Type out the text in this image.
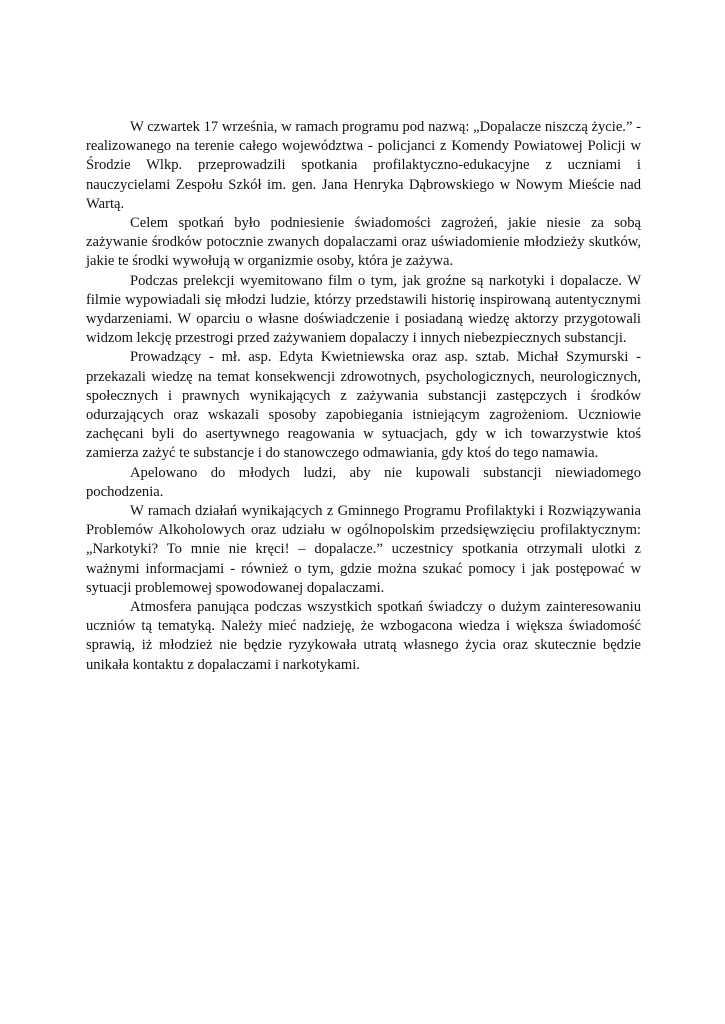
W czwartek 17 września, w ramach programu pod nazwą: „Dopalacze niszczą życie.” - realizowanego na terenie całego województwa - policjanci z Komendy Powiatowej Policji w Środzie Wlkp. przeprowadzili spotkania profilaktyczno-edukacyjne z uczniami i nauczycielami Zespołu Szkół im. gen. Jana Henryka Dąbrowskiego w Nowym Mieście nad Wartą.

Celem spotkań było podniesienie świadomości zagrożeń, jakie niesie za sobą zażywanie środków potocznie zwanych dopalaczami oraz uświadomienie młodzieży skutków, jakie te środki wywołują w organizmie osoby, która je zażywa.

Podczas prelekcji wyemitowano film o tym, jak groźne są narkotyki i dopalacze. W filmie wypowiadali się młodzi ludzie, którzy przedstawili historię inspirowaną autentycznymi wydarzeniami. W oparciu o własne doświadczenie i posiadaną wiedzę aktorzy przygotowali widzom lekcję przestrogi przed zażywaniem dopalaczy i innych niebezpiecznych substancji.

Prowadzący - mł. asp. Edyta Kwietniewska oraz asp. sztab. Michał Szymurski - przekazali wiedzę na temat konsekwencji zdrowotnych, psychologicznych, neurologicznych, społecznych i prawnych wynikających z zażywania substancji zastępczych i środków odurzających oraz wskazali sposoby zapobiegania istniejącym zagrożeniom. Uczniowie zachęcani byli do asertywnego reagowania w sytuacjach, gdy w ich towarzystwie ktoś zamierza zażyć te substancje i do stanowczego odmawiania, gdy ktoś do tego namawia.

Apelowano do młodych ludzi, aby nie kupowali substancji niewiadomego pochodzenia.

W ramach działań wynikających z Gminnego Programu Profilaktyki i Rozwiązywania Problemów Alkoholowych oraz udziału w ogólnopolskim przedsięwzięciu profilaktycznym: „Narkotyki? To mnie nie kręci! – dopalacze.” uczestnicy spotkania otrzymali ulotki z ważnymi informacjami - również o tym, gdzie można szukać pomocy i jak postępować w sytuacji problemowej spowodowanej dopalaczami.

Atmosfera panująca podczas wszystkich spotkań świadczy o dużym zainteresowaniu uczniów tą tematyką. Należy mieć nadzieję, że wzbogacona wiedza i większa świadomość sprawią, iż młodzież nie będzie ryzykowała utratą własnego życia oraz skutecznie będzie unikała kontaktu z dopalaczami i narkotykami.
